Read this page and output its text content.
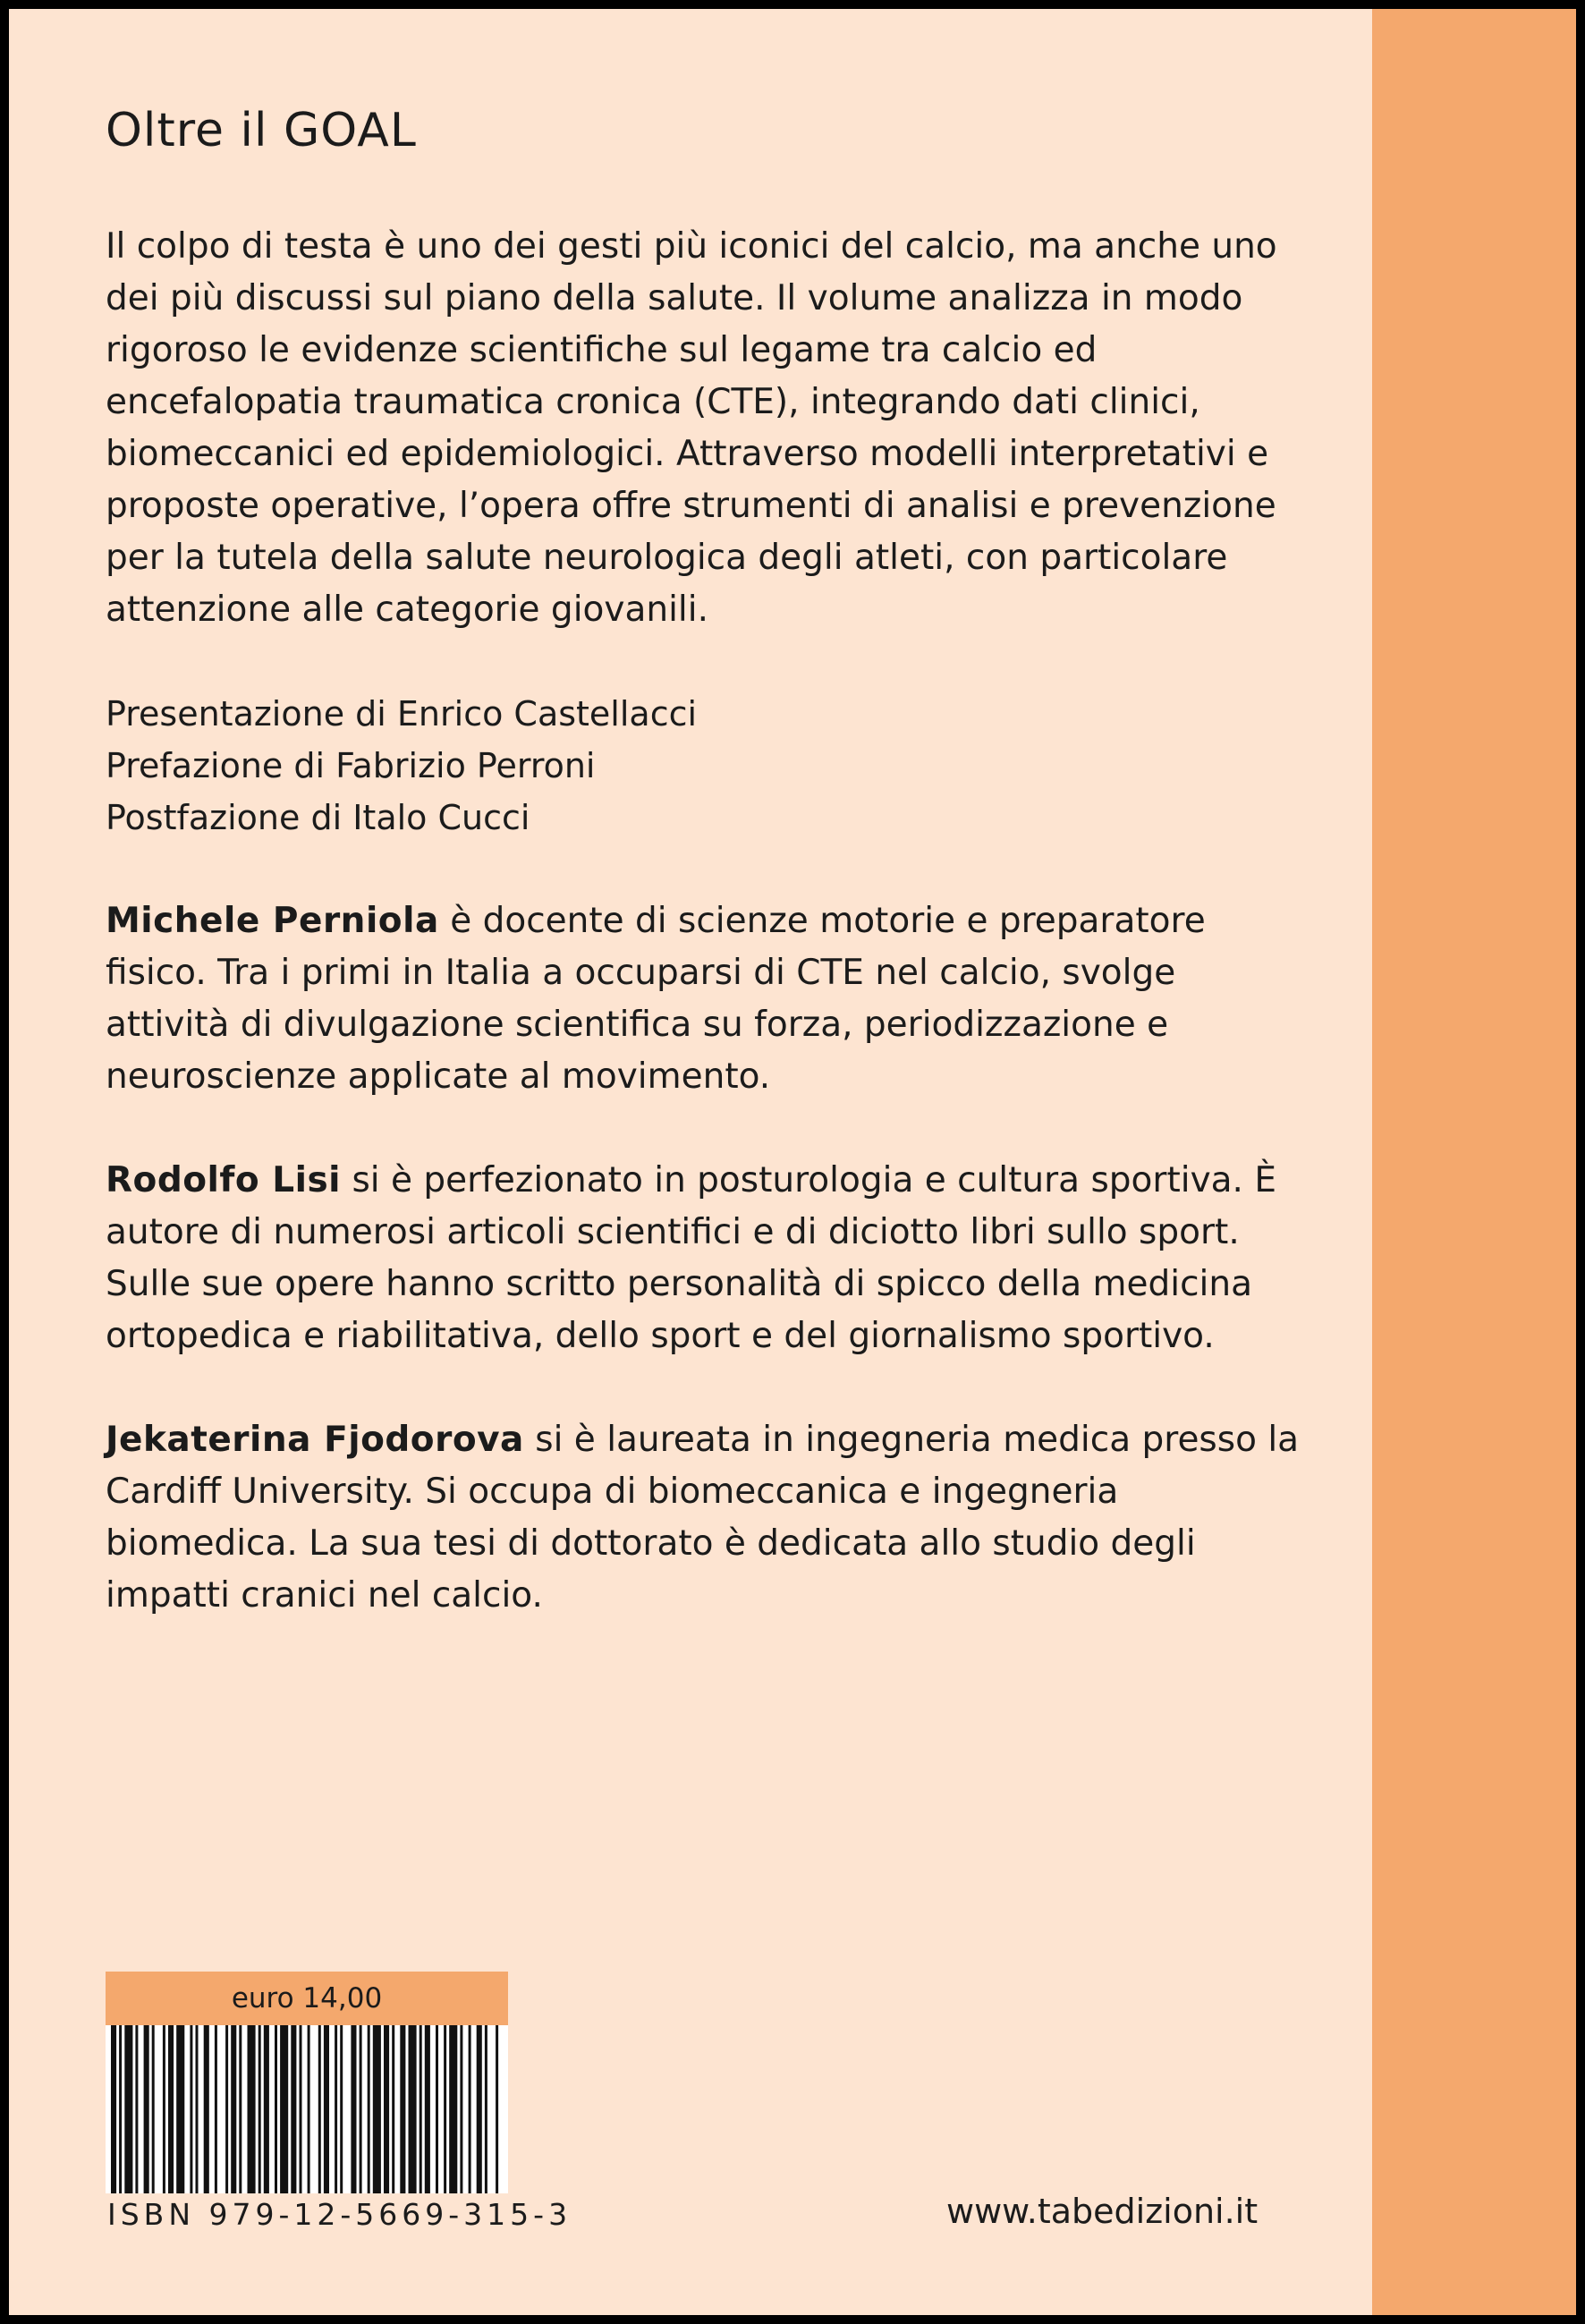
Oltre il GOAL

Il colpo di testa è uno dei gesti più iconici del calcio, ma anche uno dei più discussi sul piano della salute. Il volume analizza in modo rigoroso le evidenze scientifiche sul legame tra calcio ed encefalopatia traumatica cronica (CTE), integrando dati clinici, biomeccanici ed epidemiologici. Attraverso modelli interpretativi e proposte operative, l’opera offre strumenti di analisi e prevenzione per la tutela della salute neurologica degli atleti, con particolare attenzione alle categorie giovanili.

Presentazione di Enrico Castellacci
Prefazione di Fabrizio Perroni
Postfazione di Italo Cucci

Michele Perniola è docente di scienze motorie e preparatore fisico. Tra i primi in Italia a occuparsi di CTE nel calcio, svolge attività di divulgazione scientifica su forza, periodizzazione e neuroscienze applicate al movimento.

Rodolfo Lisi si è perfezionato in posturologia e cultura sportiva. È autore di numerosi articoli scientifici e di diciotto libri sullo sport. Sulle sue opere hanno scritto personalità di spicco della medicina ortopedica e riabilitativa, dello sport e del giornalismo sportivo.

Jekaterina Fjodorova si è laureata in ingegneria medica presso la Cardiff University. Si occupa di biomeccanica e ingegneria biomedica. La sua tesi di dottorato è dedicata allo studio degli impatti cranici nel calcio.

euro 14,00
ISBN 979-12-5669-315-3	www.tabedizioni.it
